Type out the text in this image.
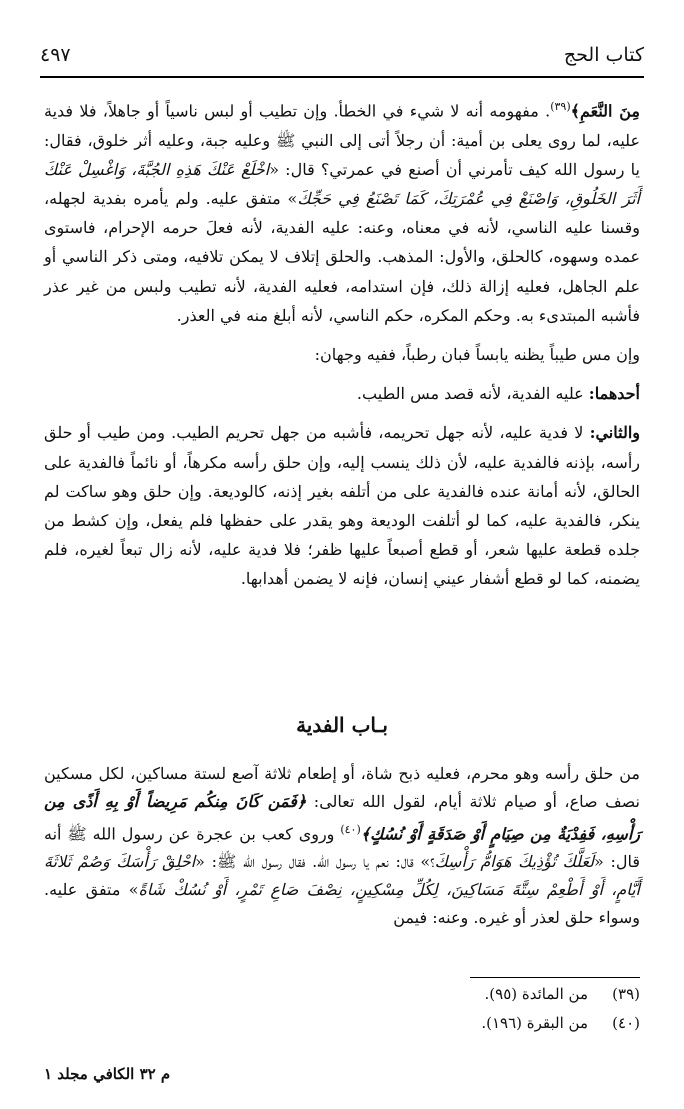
كتاب الحج
٤٩٧

مِنَ النَّعَمِ﴾$^{(٣٩)}$. مفهومه أنه لا شيء في الخطأ. وإن تطيب أو لبس ناسياً أو جاهلاً، فلا فدية عليه، لما روى يعلى بن أمية: أن رجلاً أتى إلى النبي ﷺ وعليه جبة، وعليه أثر خلوق، فقال: يا رسول الله كيف تأمرني أن أصنع في عمرتي؟ قال: «اخْلَعْ عَنْكَ هَذِهِ الجُبَّةَ، وَاغْسِلْ عَنْكَ أَثَرَ الخَلُوقِ، وَاصْنَعْ فِي عُمْرَتِكَ، كَمَا تَصْنَعُ فِي حَجِّكَ» متفق عليه. ولم يأمره بفدية لجهله، وقسنا عليه الناسي، لأنه في معناه، وعنه: عليه الفدية، لأنه فعلَ حرمه الإحرام، فاستوى عمده وسهوه، كالحلق، والأول: المذهب. والحلق إتلاف لا يمكن تلافيه، ومتى ذكر الناسي أو علم الجاهل، فعليه إزالة ذلك، فإن استدامه، فعليه الفدية، لأنه تطيب ولبس من غير عذر فأشبه المبتدىء به. وحكم المكره، حكم الناسي، لأنه أبلغ منه في العذر.

وإن مس طيباً يظنه يابساً فبان رطباً، ففيه وجهان:

أحدهما: عليه الفدية، لأنه قصد مس الطيب.

والثاني: لا فدية عليه، لأنه جهل تحريمه، فأشبه من جهل تحريم الطيب. ومن طيب أو حلق رأسه، بإذنه فالفدية عليه، لأن ذلك ينسب إليه، وإن حلق رأسه مكرهاً، أو نائماً فالفدية على الحالق، لأنه أمانة عنده فالفدية على من أتلفه بغير إذنه، كالوديعة. وإن حلق وهو ساكت لم ينكر، فالفدية عليه، كما لو أتلفت الوديعة وهو يقدر على حفظها فلم يفعل، وإن كشط من جلده قطعة عليها شعر، أو قطع أصبعاً عليها ظفر؛ فلا فدية عليه، لأنه زال تبعاً لغيره، فلم يضمنه، كما لو قطع أشفار عيني إنسان، فإنه لا يضمن أهدابها.

بـاب الفدية

من حلق رأسه وهو محرم، فعليه ذبح شاة، أو إطعام ثلاثة آصع لستة مساكين، لكل مسكين نصف صاع، أو صيام ثلاثة أيام، لقول الله تعالى: ﴿فَمَن كَانَ مِنكُم مَرِيضاً أَوْ بِهِ أَذًى مِن رَأْسِهِ، فَفِدْيَةٌ مِن صِيَامٍ أَوْ صَدَقَةٍ أَوْ نُسُكٍ﴾$^{(٤٠)}$ وروى كعب بن عجرة عن رسول الله ﷺ أنه قال: «لَعَلَّكَ تُؤْذِيكَ هَوَامُّ رَأْسِكَ؟» قال: نعم يا رسول الله. فقال رسول الله ﷺ: «احْلِقْ رَأْسَكَ وَصُمْ ثَلاثَةَ أَيَّامٍ، أَوْ أَطْعِمْ سِتَّةَ مَسَاكِينَ، لِكُلِّ مِسْكِينٍ، نِصْفَ صَاعِ تَمْرٍ، أَوْ نُسُكْ شَاةً» متفق عليه. وسواء حلق لعذر أو غيره. وعنه: فيمن

(٣٩)
من المائدة (٩٥).
(٤٠)
من البقرة (١٩٦).
م ٣٢ الكافي مجلد ١
